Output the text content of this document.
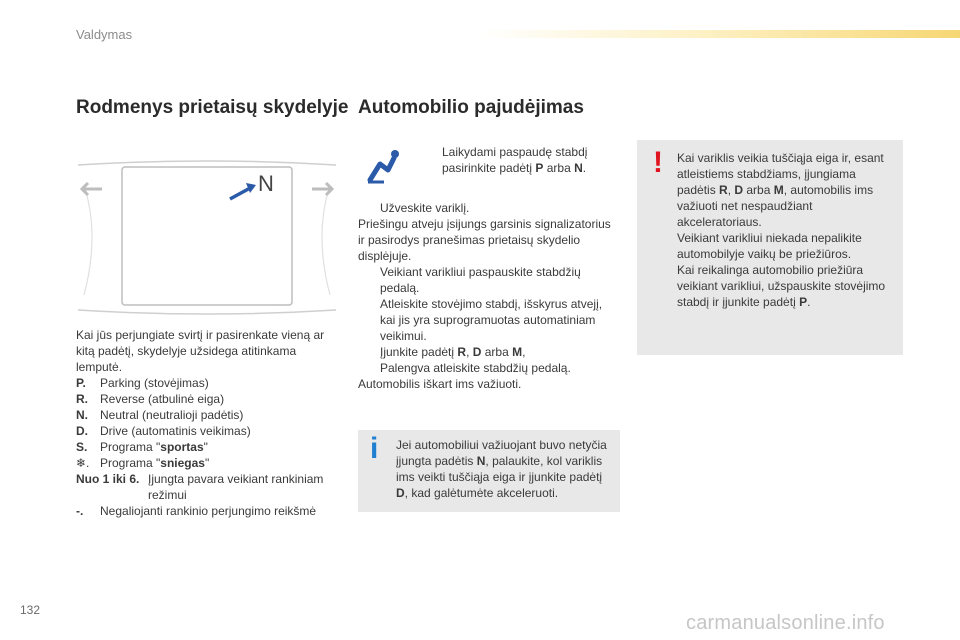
Valdymas
Rodmenys prietaisų skydelyje
N
Kai jūs perjungiate svirtį ir pasirenkate vieną ar kitą padėtį, skydelyje užsidega atitinkama lemputė.
P.	Parking (stovėjimas)
R.	Reverse (atbulinė eiga)
N.	Neutral (neutralioji padėtis)
D.	Drive (automatinis veikimas)
S.	Programa "sportas"
❄. Programa "sniegas"
Nuo 1 iki 6. Įjungta pavara veikiant rankiniam režimui
-.	Negaliojanti rankinio perjungimo reikšmė
Automobilio pajudėjimas
Laikydami paspaudę stabdį pasirinkite padėtį P arba N.
Užveskite variklį.
Priešingu atveju įsijungs garsinis signalizatorius ir pasirodys pranešimas prietaisų skydelio displėjuje.
Veikiant varikliui paspauskite stabdžių pedalą.
Atleiskite stovėjimo stabdį, išskyrus atvejį, kai jis yra suprogramuotas automatiniam veikimui.
Įjunkite padėtį R, D arba M,
Palengva atleiskite stabdžių pedalą.
Automobilis iškart ims važiuoti.
! Kai variklis veikia tuščiąja eiga ir, esant atleistiems stabdžiams, įjungiama padėtis R, D arba M, automobilis ims važiuoti net nespaudžiant akceleratoriaus.
Veikiant varikliui niekada nepalikite automobilyje vaikų be priežiūros.
Kai reikalinga automobilio priežiūra veikiant varikliui, užspauskite stovėjimo stabdį ir įjunkite padėtį P.
i Jei automobiliui važiuojant buvo netyčia įjungta padėtis N, palaukite, kol variklis ims veikti tuščiąja eiga ir įjunkite padėtį D, kad galėtumėte akceleruoti.
132
carmanualsonline.info
